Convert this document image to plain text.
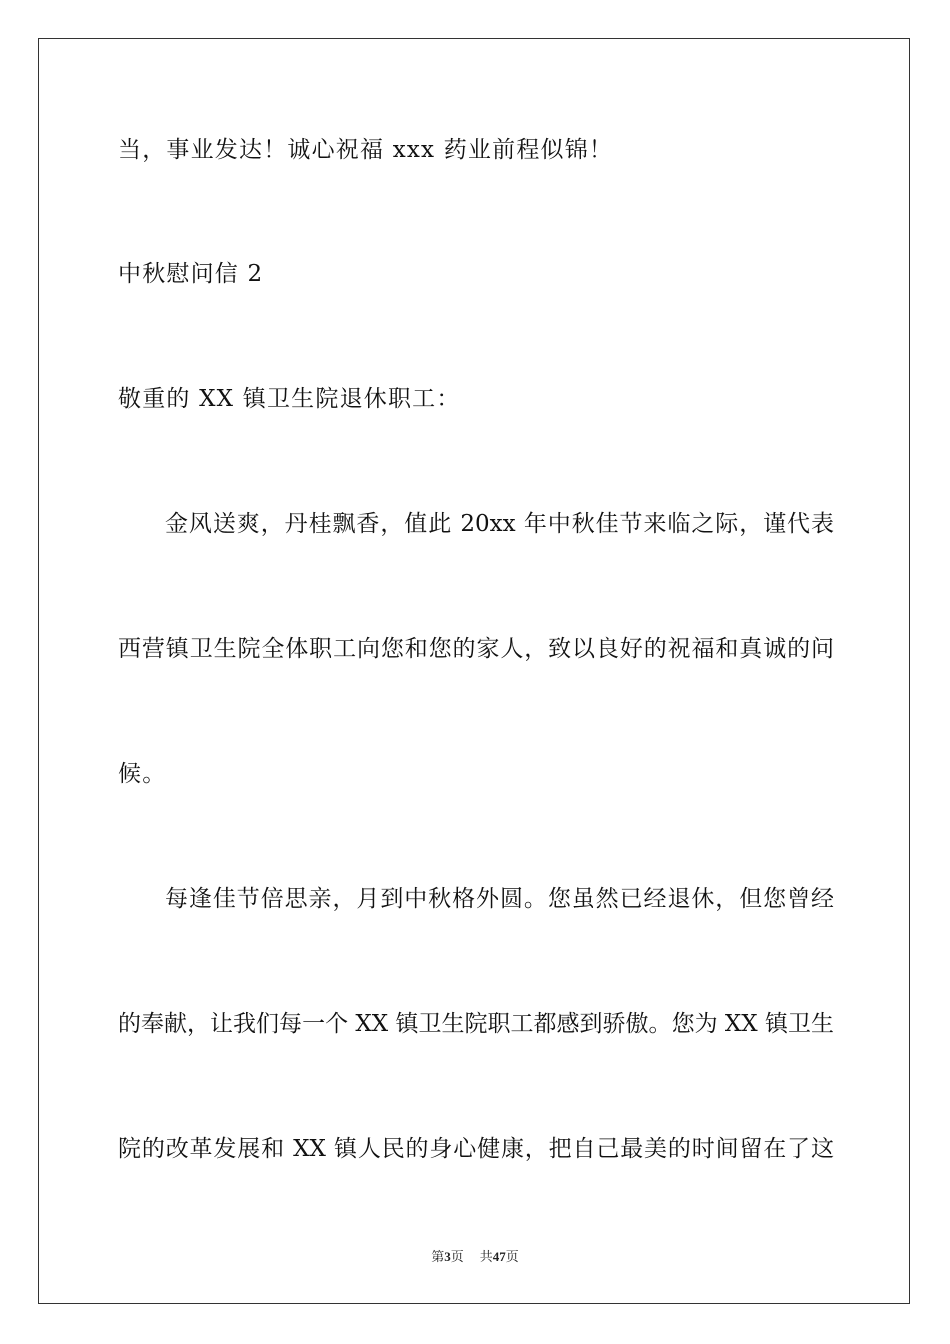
当，事业发达！诚心祝福 xxx 药业前程似锦！
中秋慰问信 2
敬重的 XX 镇卫生院退休职工：
金风送爽，丹桂飘香，值此 20xx 年中秋佳节来临之际，谨代表
西营镇卫生院全体职工向您和您的家人，致以良好的祝福和真诚的问
候。
每逢佳节倍思亲，月到中秋格外圆。您虽然已经退休，但您曾经
的奉献，让我们每一个 XX 镇卫生院职工都感到骄傲。您为 XX 镇卫生
院的改革发展和 XX 镇人民的身心健康，把自己最美的时间留在了这
第3页 共47页
